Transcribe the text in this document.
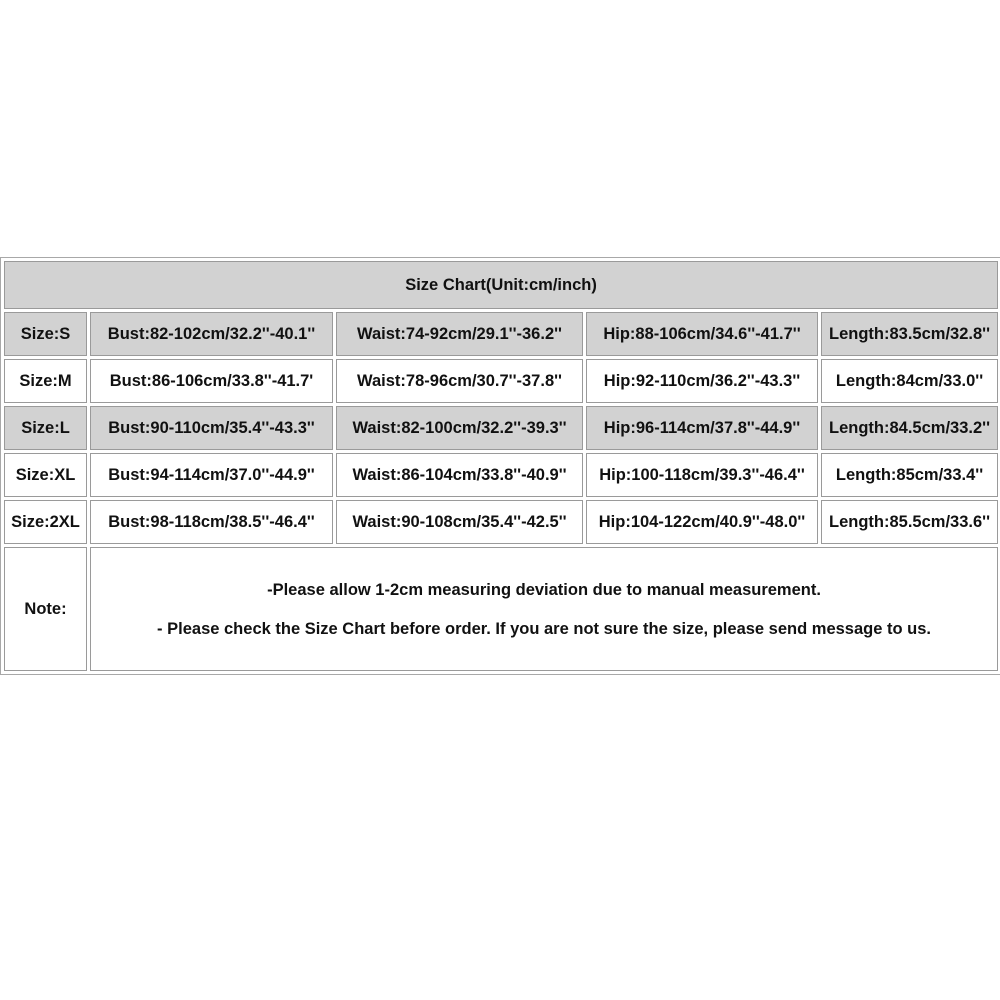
Size Chart(Unit:cm/inch)				
Size:S	Bust:82-102cm/32.2''-40.1''	Waist:74-92cm/29.1''-36.2''	Hip:88-106cm/34.6''-41.7''	Length:83.5cm/32.8''
Size:M	Bust:86-106cm/33.8''-41.7'	Waist:78-96cm/30.7''-37.8''	Hip:92-110cm/36.2''-43.3''	Length:84cm/33.0''
Size:L	Bust:90-110cm/35.4''-43.3''	Waist:82-100cm/32.2''-39.3''	Hip:96-114cm/37.8''-44.9''	Length:84.5cm/33.2''
Size:XL	Bust:94-114cm/37.0''-44.9''	Waist:86-104cm/33.8''-40.9''	Hip:100-118cm/39.3''-46.4''	Length:85cm/33.4''
Size:2XL	Bust:98-118cm/38.5''-46.4''	Waist:90-108cm/35.4''-42.5''	Hip:104-122cm/40.9''-48.0''	Length:85.5cm/33.6''
Note:	-Please allow 1-2cm measuring deviation due to manual measurement.
- Please check the Size Chart before order. If you are not sure the size, please send message to us.			
